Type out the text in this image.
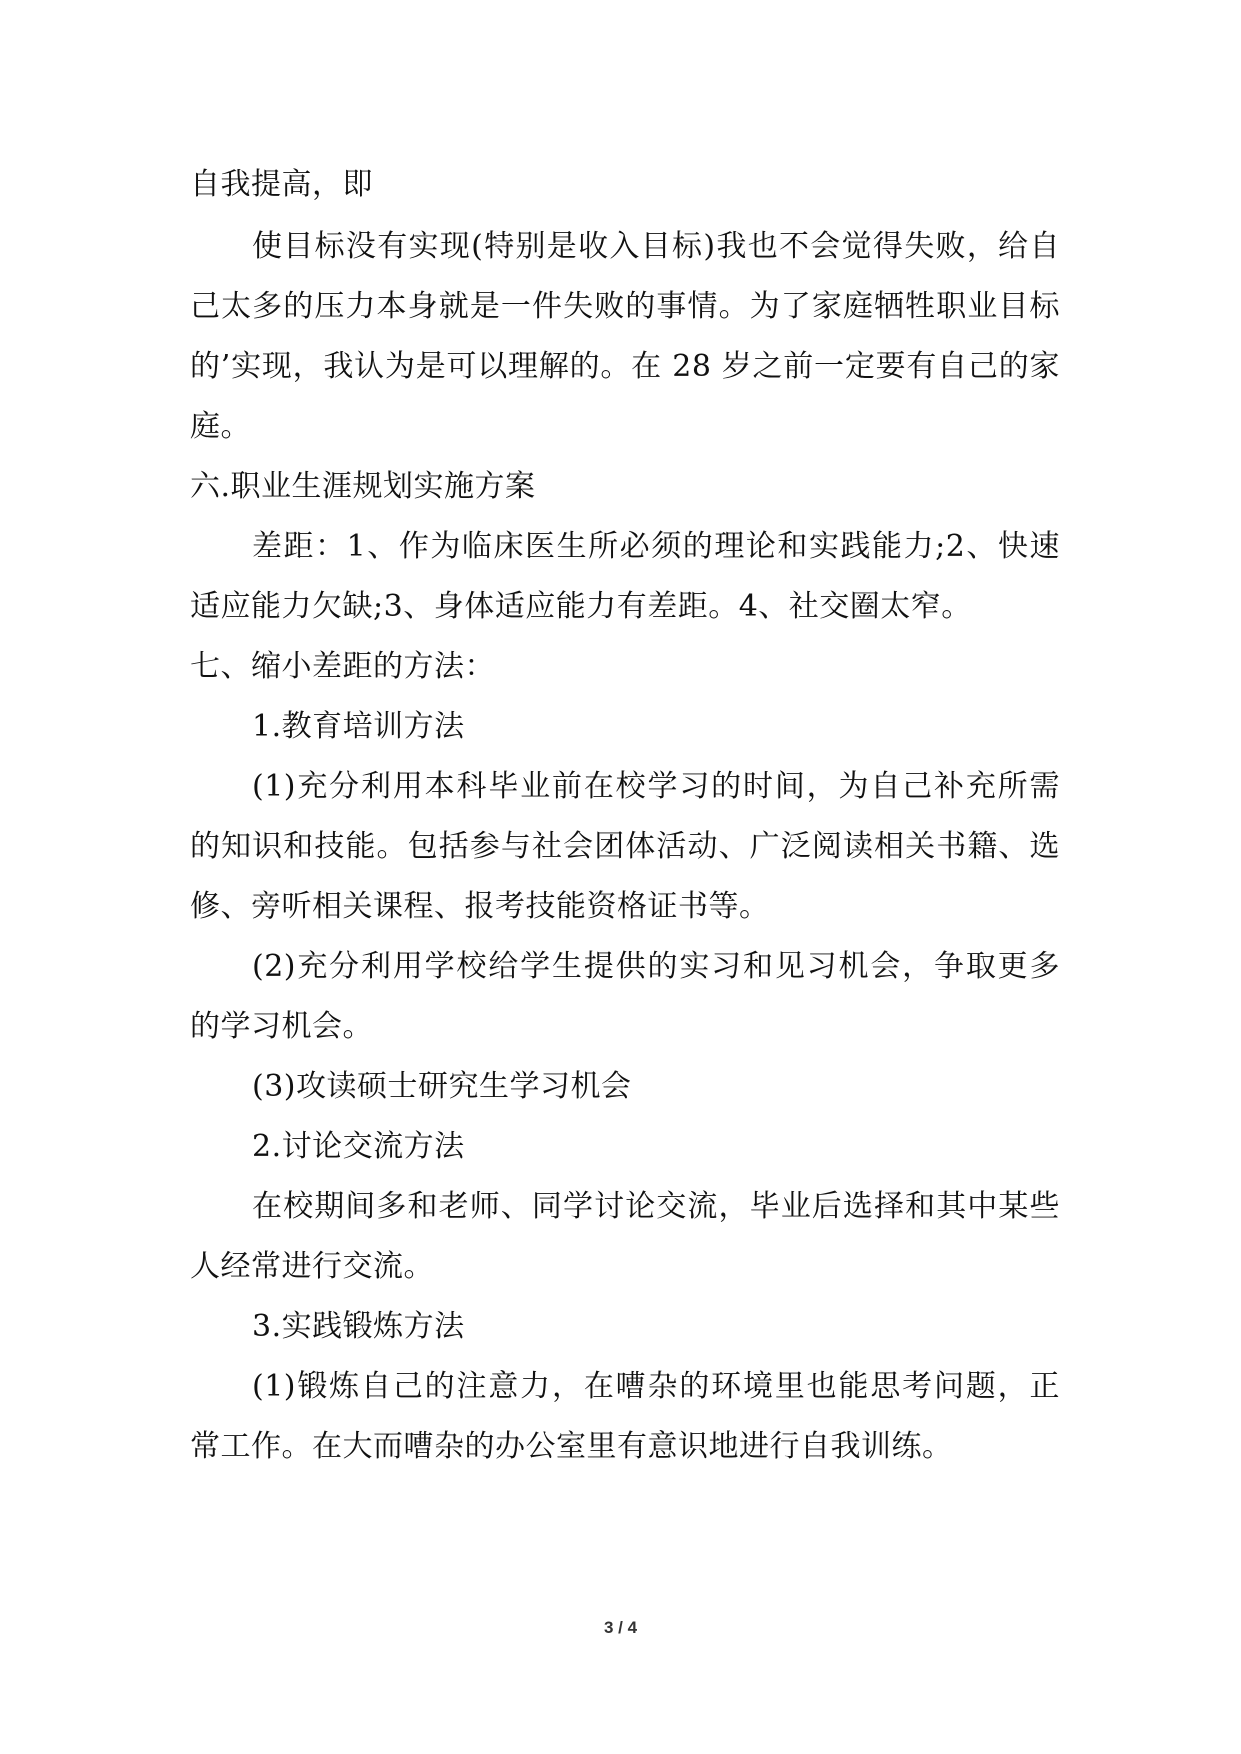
自我提高，即
使目标没有实现(特别是收入目标)我也不会觉得失败，给自
己太多的压力本身就是一件失败的事情。为了家庭牺牲职业目标
的’实现，我认为是可以理解的。在 28 岁之前一定要有自己的家
庭。
六.职业生涯规划实施方案
差距：1、作为临床医生所必须的理论和实践能力;2、快速
适应能力欠缺;3、身体适应能力有差距。4、社交圈太窄。
七、缩小差距的方法：
1.教育培训方法
(1)充分利用本科毕业前在校学习的时间，为自己补充所需
的知识和技能。包括参与社会团体活动、广泛阅读相关书籍、选
修、旁听相关课程、报考技能资格证书等。
(2)充分利用学校给学生提供的实习和见习机会，争取更多
的学习机会。
(3)攻读硕士研究生学习机会
2.讨论交流方法
在校期间多和老师、同学讨论交流，毕业后选择和其中某些
人经常进行交流。
3.实践锻炼方法
(1)锻炼自己的注意力，在嘈杂的环境里也能思考问题，正
常工作。在大而嘈杂的办公室里有意识地进行自我训练。
3 / 4
